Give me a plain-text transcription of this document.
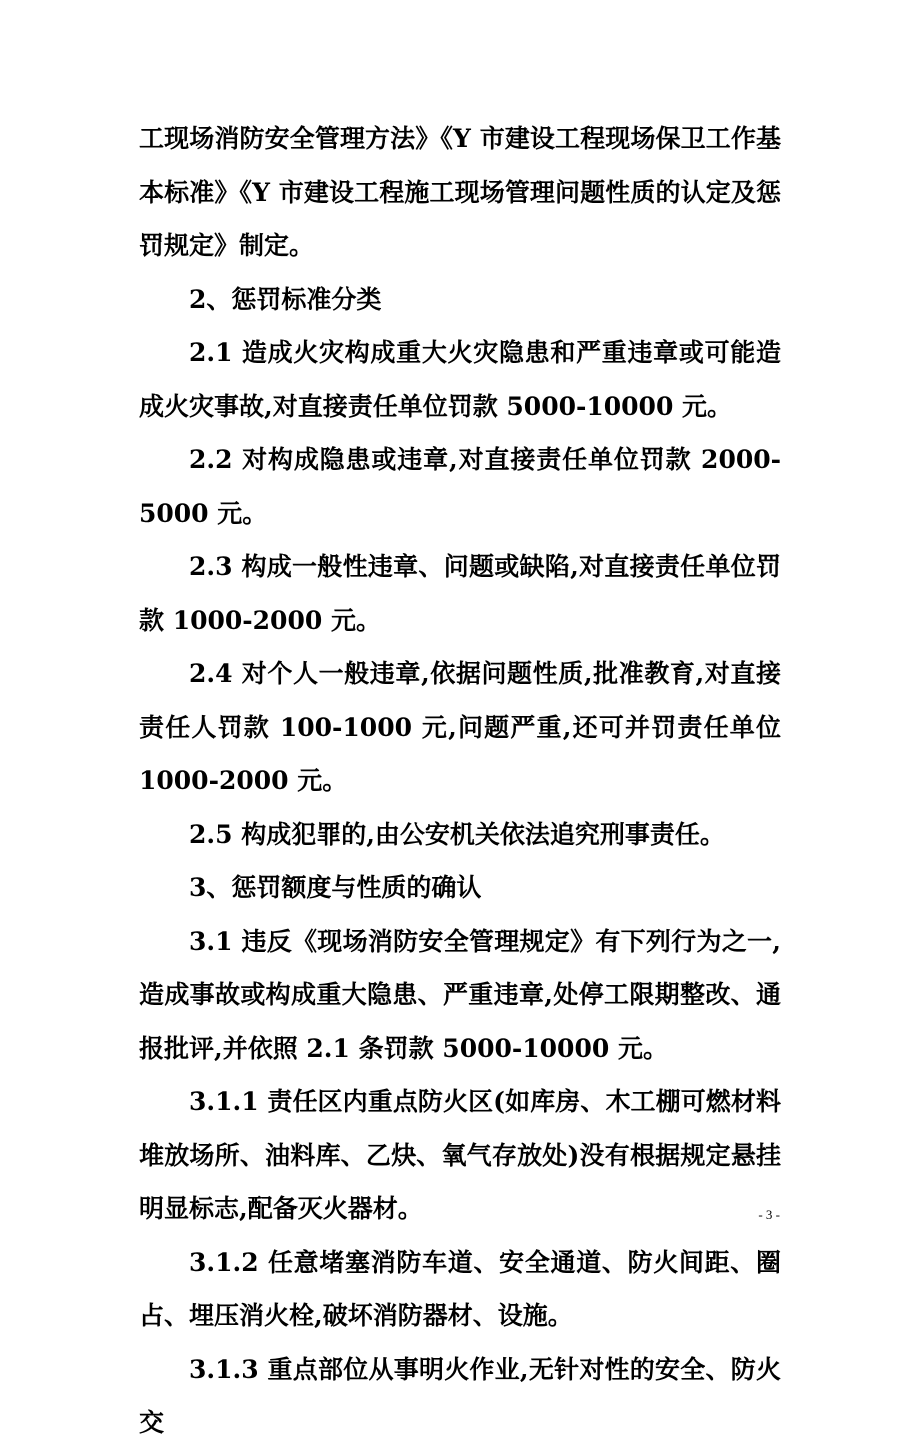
工现场消防安全管理方法》《Y 市建设工程现场保卫工作基本标准》《Y 市建设工程施工现场管理问题性质的认定及惩罚规定》制定。

2、惩罚标准分类

2.1 造成火灾构成重大火灾隐患和严重违章或可能造成火灾事故,对直接责任单位罚款 5000-10000 元。

2.2 对构成隐患或违章,对直接责任单位罚款 2000-5000 元。

2.3 构成一般性违章、问题或缺陷,对直接责任单位罚款 1000-2000 元。

2.4 对个人一般违章,依据问题性质,批准教育,对直接责任人罚款 100-1000 元,问题严重,还可并罚责任单位 1000-2000 元。

2.5 构成犯罪的,由公安机关依法追究刑事责任。

3、惩罚额度与性质的确认

3.1 违反《现场消防安全管理规定》有下列行为之一,造成事故或构成重大隐患、严重违章,处停工限期整改、通报批评,并依照 2.1 条罚款 5000-10000 元。

3.1.1 责任区内重点防火区(如库房、木工棚可燃材料堆放场所、油料库、乙炔、氧气存放处)没有根据规定悬挂明显标志,配备灭火器材。

3.1.2 任意堵塞消防车道、安全通道、防火间距、圈占、埋压消火栓,破坏消防器材、设施。

3.1.3 重点部位从事明火作业,无针对性的安全、防火交

- 3 -
